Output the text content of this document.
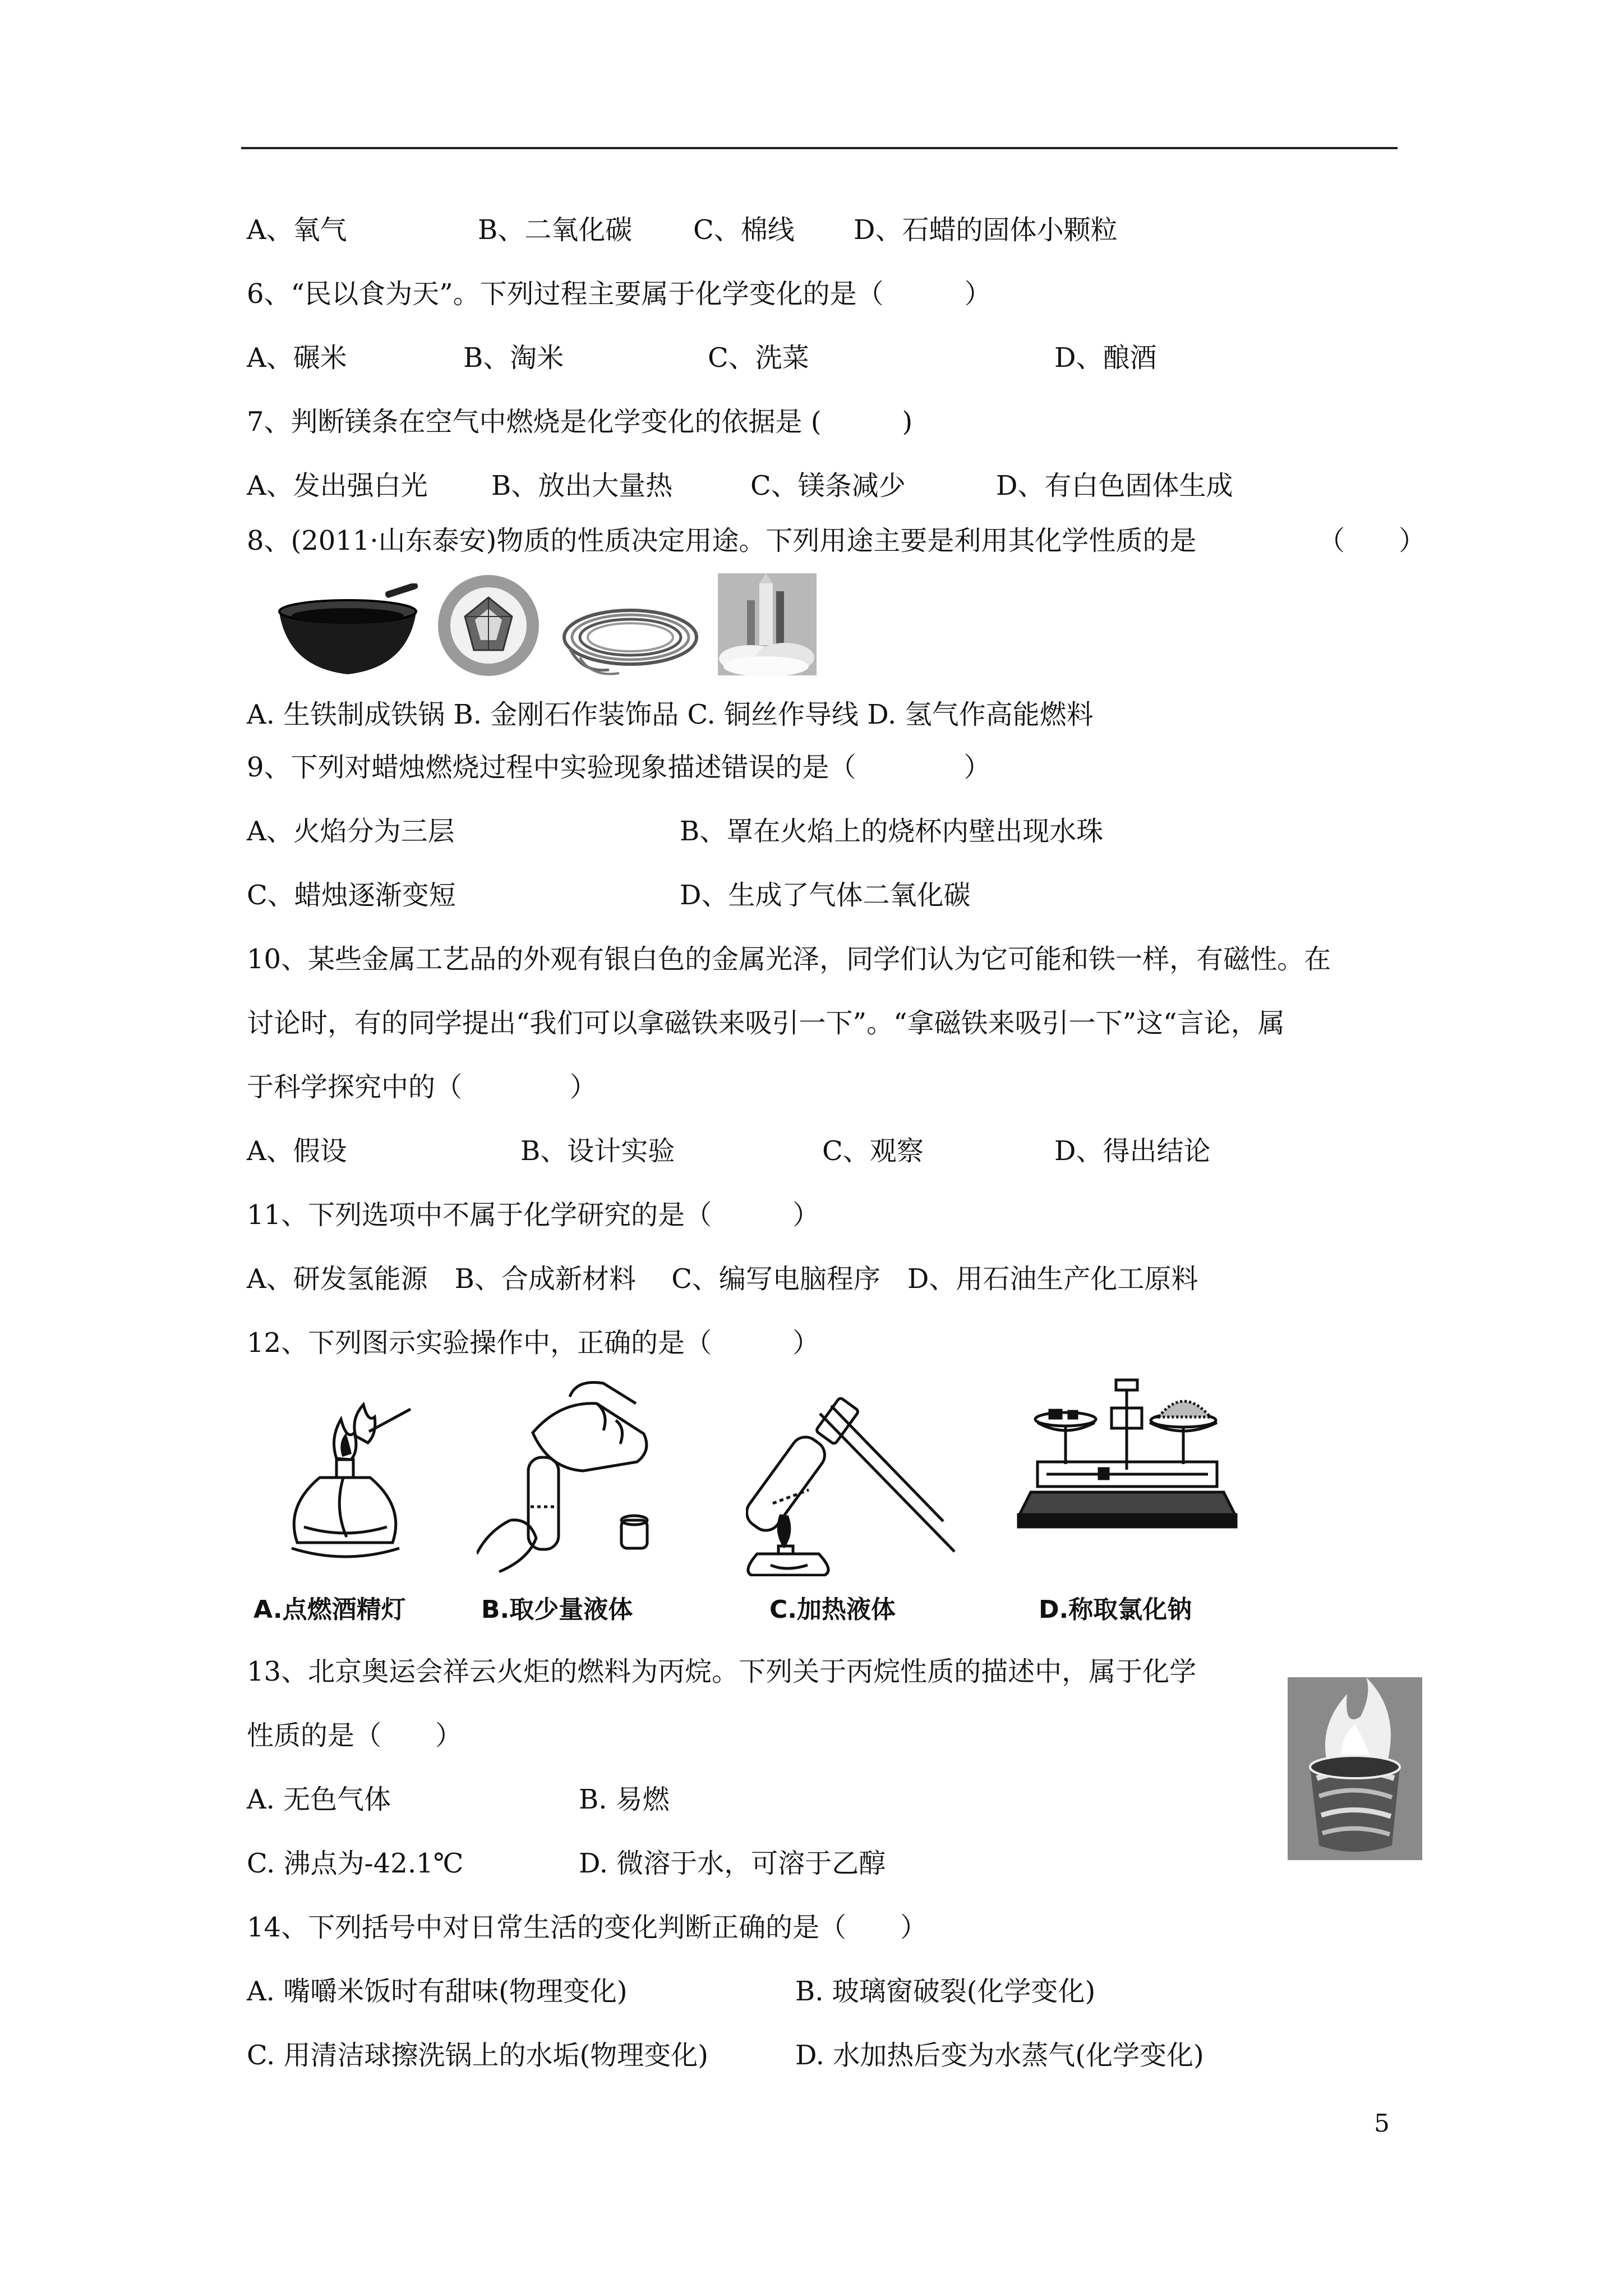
A、氧气	B、二氧化碳 C、棉线 D、石蜡的固体小颗粒
6、“民以食为天”。下列过程主要属于化学变化的是（　　　）
A、碾米	B、淘米	C、洗菜	D、酿酒
7、判断镁条在空气中燃烧是化学变化的依据是 (　　　)
A、发出强白光 B、放出大量热	C、镁条减少	D、有白色固体生成
8、(2011·山东泰安)物质的性质决定用途。下列用途主要是利用其化学性质的是	（　　）
A. 生铁制成铁锅 B. 金刚石作装饰品 C. 铜丝作导线 D. 氢气作高能燃料
9、下列对蜡烛燃烧过程中实验现象描述错误的是（　　　　）
A、火焰分为三层	B、罩在火焰上的烧杯内壁出现水珠
C、蜡烛逐渐变短	D、生成了气体二氧化碳
10、某些金属工艺品的外观有银白色的金属光泽，同学们认为它可能和铁一样，有磁性。在
讨论时，有的同学提出“我们可以拿磁铁来吸引一下”。“拿磁铁来吸引一下”这“言论，属
于科学探究中的（　　　　）
A、假设	B、设计实验	C、观察	D、得出结论
11、下列选项中不属于化学研究的是（　　　）
A、研发氢能源　B、合成新材料　 C、编写电脑程序　D、用石油生产化工原料
12、下列图示实验操作中，正确的是（　　　）
A.点燃酒精灯	B.取少量液体	C.加热液体	D.称取氯化钠
13、北京奥运会祥云火炬的燃料为丙烷。下列关于丙烷性质的描述中，属于化学
性质的是（　　）
A. 无色气体	B. 易燃
C. 沸点为-42.1℃	D. 微溶于水，可溶于乙醇
14、下列括号中对日常生活的变化判断正确的是（　　）
A. 嘴嚼米饭时有甜味(物理变化)	B. 玻璃窗破裂(化学变化)
C. 用清洁球擦洗锅上的水垢(物理变化)	D. 水加热后变为水蒸气(化学变化)
5
